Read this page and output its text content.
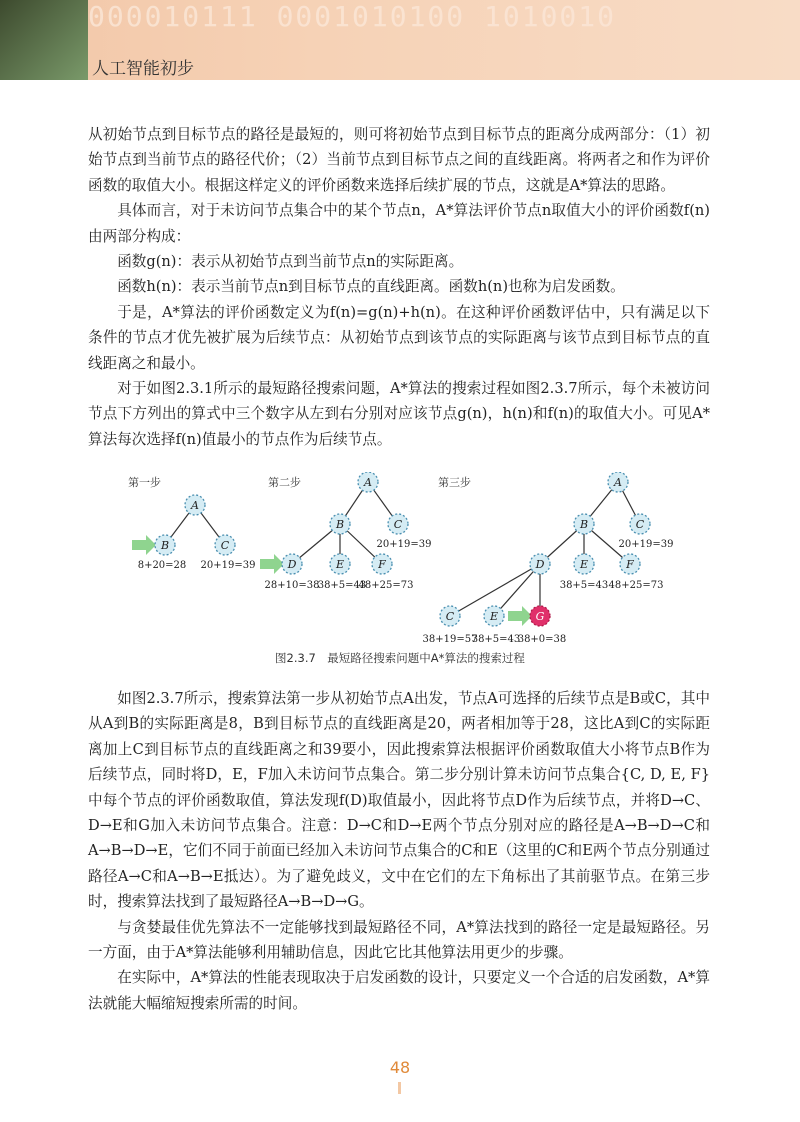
000010111 0001010100 1010010
人工智能初步

从初始节点到目标节点的路径是最短的，则可将初始节点到目标节点的距离分成两部分：（1）初始节点到当前节点的路径代价；（2）当前节点到目标节点之间的直线距离。将两者之和作为评价函数的取值大小。根据这样定义的评价函数来选择后续扩展的节点，这就是A*算法的思路。

具体而言，对于未访问节点集合中的某个节点n，A*算法评价节点n取值大小的评价函数f(n)由两部分构成：

函数g(n)：表示从初始节点到当前节点n的实际距离。

函数h(n)：表示当前节点n到目标节点的直线距离。函数h(n)也称为启发函数。

于是，A*算法的评价函数定义为f(n)=g(n)+h(n)。在这种评价函数评估中，只有满足以下条件的节点才优先被扩展为后续节点：从初始节点到该节点的实际距离与该节点到目标节点的直线距离之和最小。

对于如图2.3.1所示的最短路径搜索问题，A*算法的搜索过程如图2.3.7所示，每个未被访问节点下方列出的算式中三个数字从左到右分别对应该节点g(n)，h(n)和f(n)的取值大小。可见A*算法每次选择f(n)值最小的节点作为后续节点。

第一步	第二步	第三步
A
B	C
A
B	C
D	E	F
A
B	C
D	E	F
C	E	G
8+20=28 20+19=39
20+19=39
28+10=38
38+5=43
48+25=73
20+19=39
38+5=43 48+25=73
38+19=57
38+5=43
38+0=38
图2.3.7　最短路径搜索问题中A*算法的搜索过程

如图2.3.7所示，搜索算法第一步从初始节点A出发，节点A可选择的后续节点是B或C，其中从A到B的实际距离是8，B到目标节点的直线距离是20，两者相加等于28，这比A到C的实际距离加上C到目标节点的直线距离之和39要小，因此搜索算法根据评价函数取值大小将节点B作为后续节点，同时将D，E，F加入未访问节点集合。第二步分别计算未访问节点集合{C, D, E, F}中每个节点的评价函数取值，算法发现f(D)取值最小，因此将节点D作为后续节点，并将D→C、D→E和G加入未访问节点集合。注意：D→C和D→E两个节点分别对应的路径是A→B→D→C和A→B→D→E，它们不同于前面已经加入未访问节点集合的C和E（这里的C和E两个节点分别通过路径A→C和A→B→E抵达）。为了避免歧义，文中在它们的左下角标出了其前驱节点。在第三步时，搜索算法找到了最短路径A→B→D→G。

与贪婪最佳优先算法不一定能够找到最短路径不同，A*算法找到的路径一定是最短路径。另一方面，由于A*算法能够利用辅助信息，因此它比其他算法用更少的步骤。

在实际中，A*算法的性能表现取决于启发函数的设计，只要定义一个合适的启发函数，A*算法就能大幅缩短搜索所需的时间。

48
